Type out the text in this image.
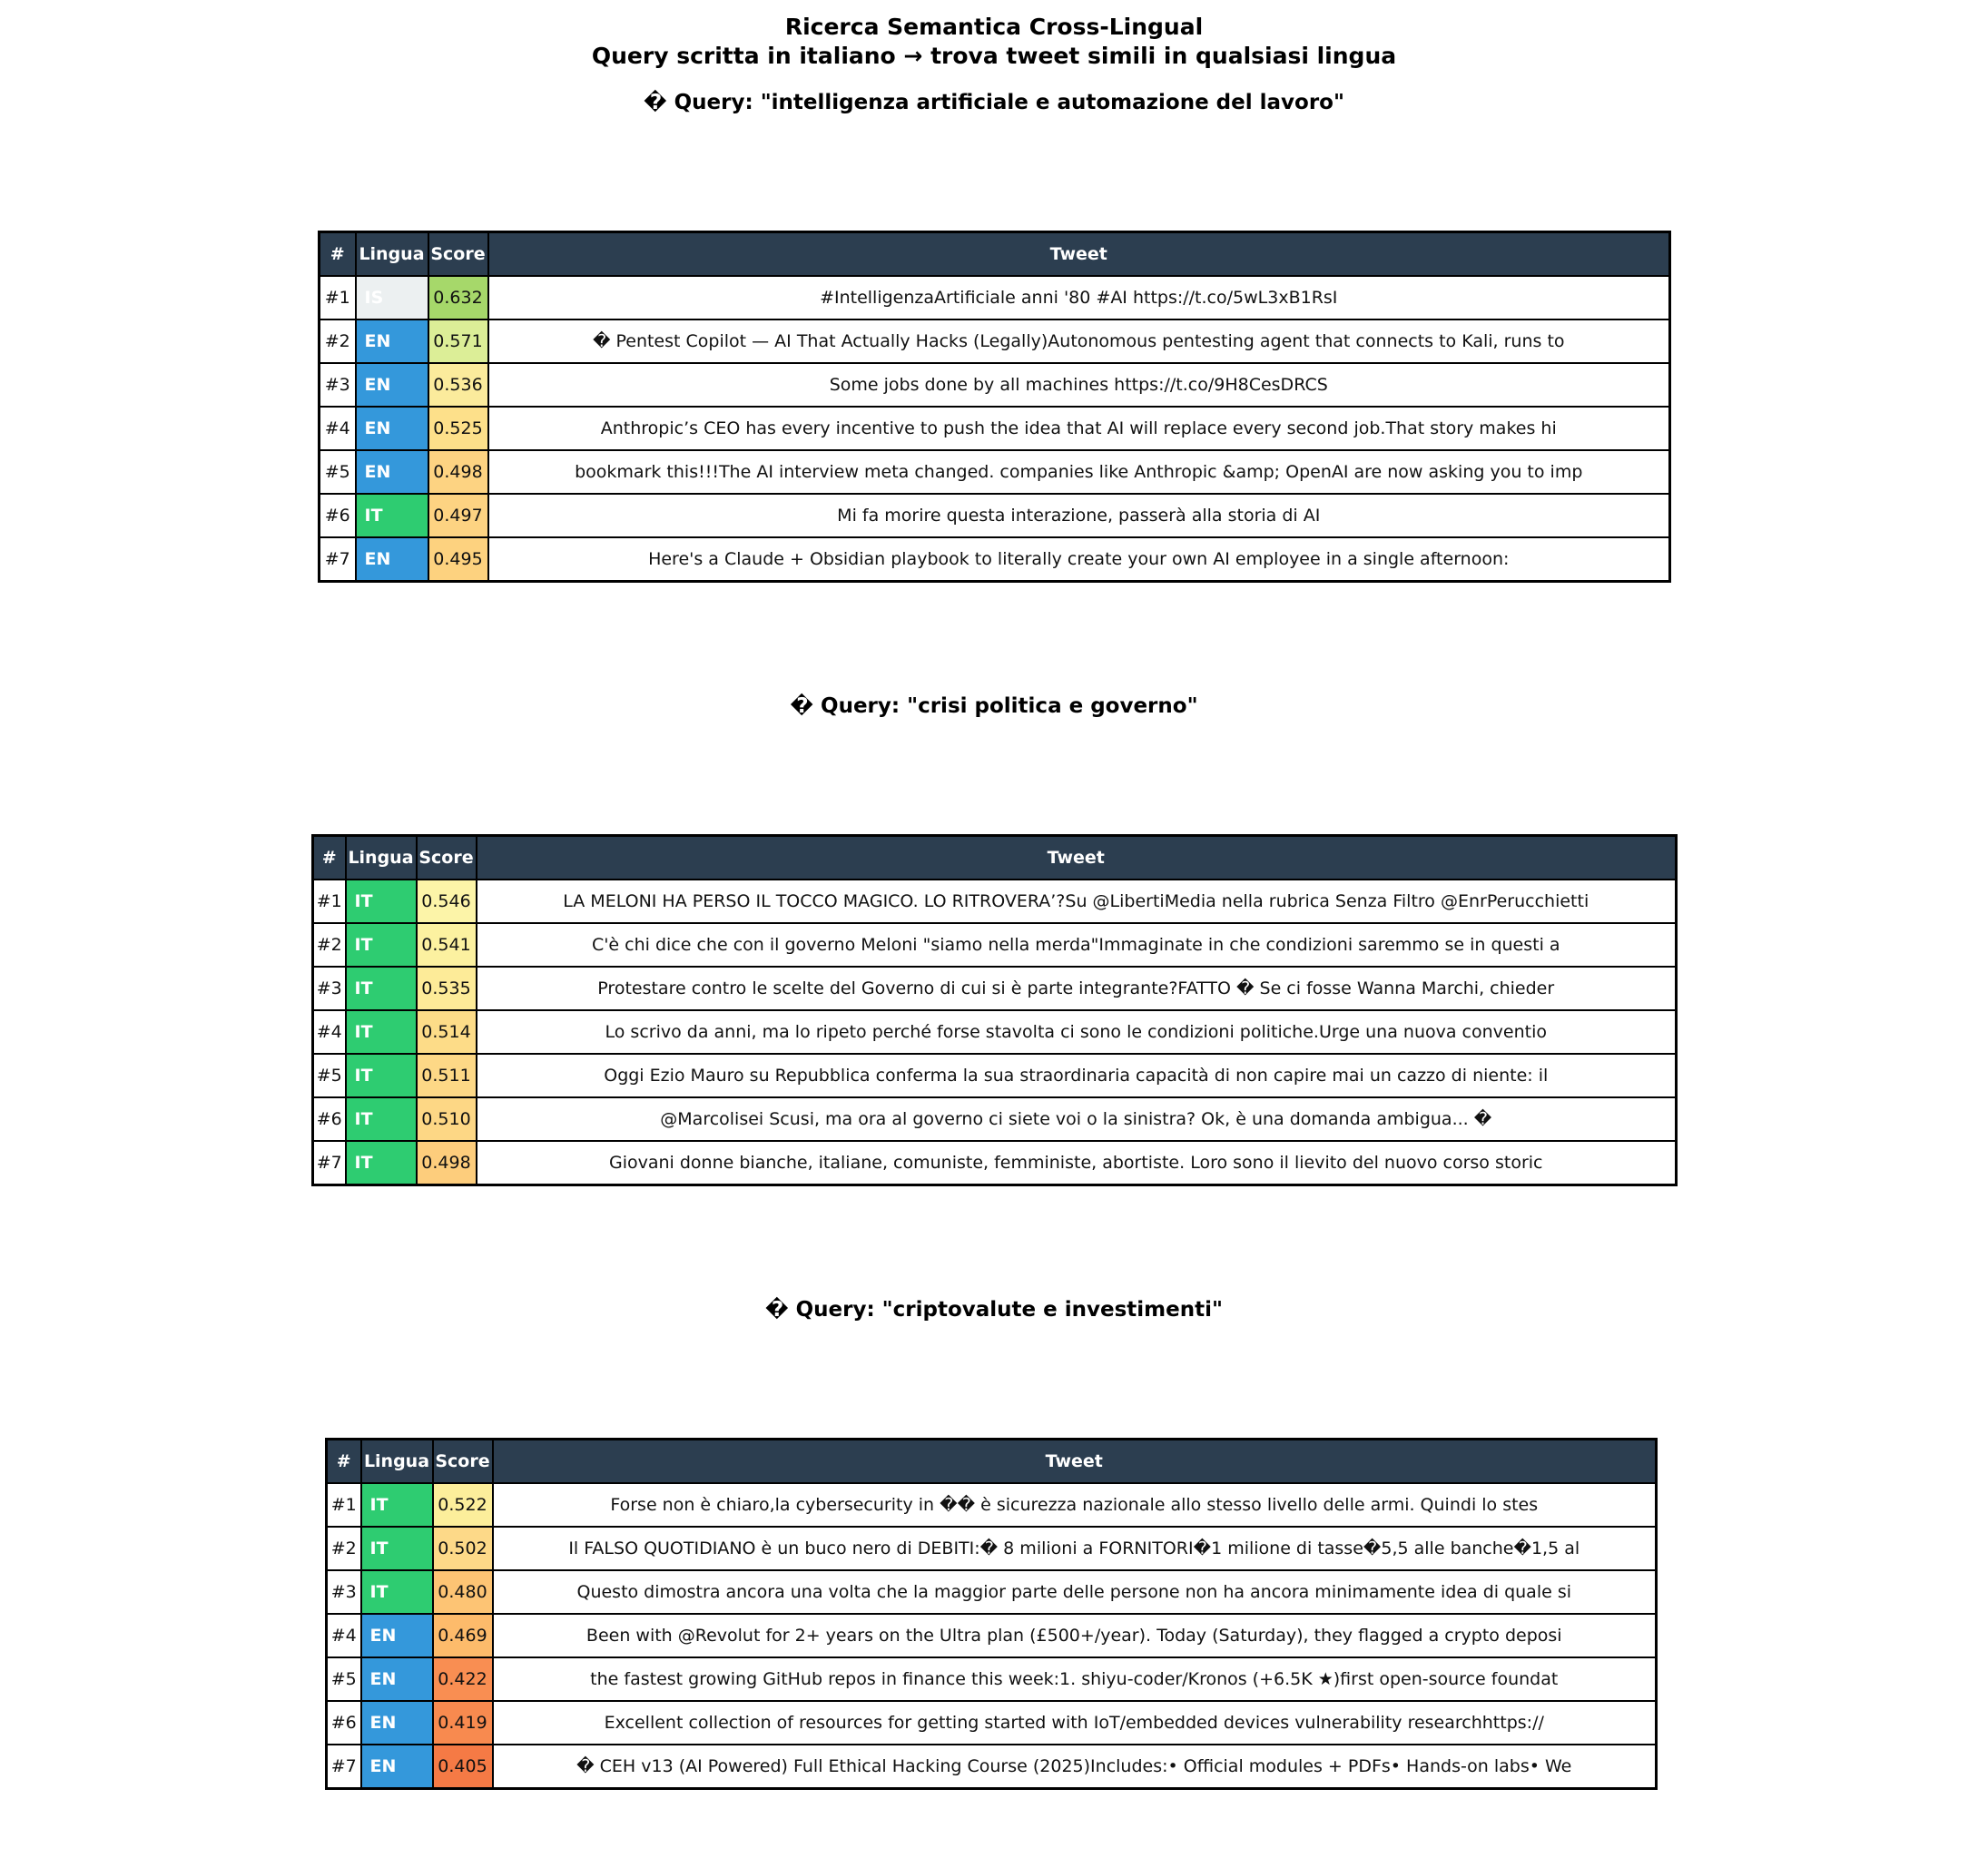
Ricerca Semantica Cross-Lingual
Query scritta in italiano → trova tweet simili in qualsiasi lingua
� Query: "intelligenza artificiale e automazione del lavoro"
#	Lingua	Score	Tweet
#1	IS	0.632	#IntelligenzaArtificiale anni '80 #AI https://t.co/5wL3xB1RsI
#2	EN	0.571	� Pentest Copilot — AI That Actually Hacks (Legally)Autonomous pentesting agent that connects to Kali, runs to
#3	EN	0.536	Some jobs done by all machines https://t.co/9H8CesDRCS
#4	EN	0.525	Anthropic’s CEO has every incentive to push the idea that AI will replace every second job.That story makes hi
#5	EN	0.498	bookmark this!!!The AI interview meta changed. companies like Anthropic &amp; OpenAI are now asking you to imp
#6	IT	0.497	Mi fa morire questa interazione, passerà alla storia di AI
#7	EN	0.495	Here's a Claude + Obsidian playbook to literally create your own AI employee in a single afternoon:
� Query: "crisi politica e governo"
#	Lingua	Score	Tweet
#1	IT	0.546	LA MELONI HA PERSO IL TOCCO MAGICO. LO RITROVERA’?Su @LibertiMedia nella rubrica Senza Filtro @EnrPerucchietti
#2	IT	0.541	C'è chi dice che con il governo Meloni "siamo nella merda"Immaginate in che condizioni saremmo se in questi a
#3	IT	0.535	Protestare contro le scelte del Governo di cui si è parte integrante?FATTO � Se ci fosse Wanna Marchi, chieder
#4	IT	0.514	Lo scrivo da anni, ma lo ripeto perché forse stavolta ci sono le condizioni politiche.Urge una nuova conventio
#5	IT	0.511	Oggi Ezio Mauro su Repubblica conferma la sua straordinaria capacità di non capire mai un cazzo di niente: il
#6	IT	0.510	@Marcolisei Scusi, ma ora al governo ci siete voi o la sinistra? Ok, è una domanda ambigua... �
#7	IT	0.498	Giovani donne bianche, italiane, comuniste, femministe, abortiste. Loro sono il lievito del nuovo corso storic
� Query: "criptovalute e investimenti"
#	Lingua	Score	Tweet
#1	IT	0.522	Forse non è chiaro,la cybersecurity in �� è sicurezza nazionale allo stesso livello delle armi. Quindi lo stes
#2	IT	0.502	Il FALSO QUOTIDIANO è un buco nero di DEBITI:� 8 milioni a FORNITORI�1 milione di tasse�5,5 alle banche�1,5 al
#3	IT	0.480	Questo dimostra ancora una volta che la maggior parte delle persone non ha ancora minimamente idea di quale si
#4	EN	0.469	Been with @Revolut for 2+ years on the Ultra plan (£500+/year). Today (Saturday), they flagged a crypto deposi
#5	EN	0.422	the fastest growing GitHub repos in finance this week:1. shiyu-coder/Kronos (+6.5K ★)first open-source foundat
#6	EN	0.419	Excellent collection of resources for getting started with IoT/embedded devices vulnerability researchhttps://
#7	EN	0.405	� CEH v13 (AI Powered) Full Ethical Hacking Course (2025)Includes:• Official modules + PDFs• Hands-on labs• We
